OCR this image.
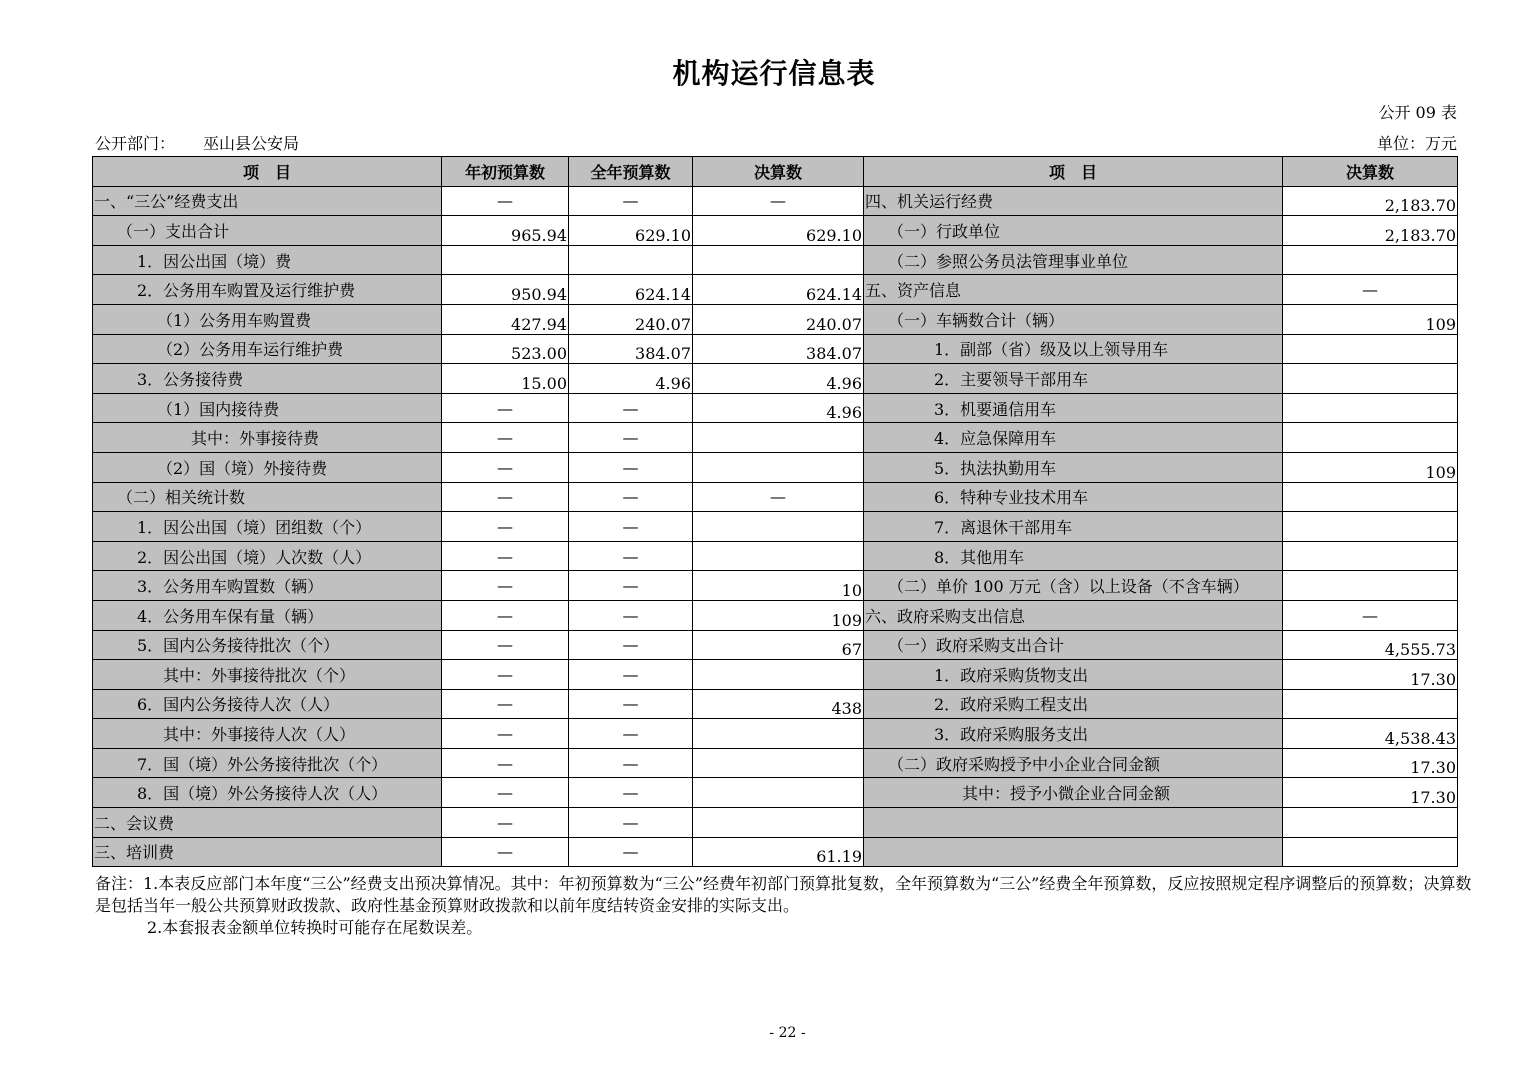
机构运行信息表
公开 09 表
公开部门： 巫山县公安局	单位：万元
项　目	年初预算数	全年预算数	决算数	项　目	决算数
一、“三公”经费支出	—	—	—	四、机关运行经费	2,183.70
（一）支出合计	965.94	629.10	629.10	（一）行政单位	2,183.70
1．因公出国（境）费				（二）参照公务员法管理事业单位	
2．公务用车购置及运行维护费	950.94	624.14	624.14	五、资产信息	—
（1）公务用车购置费	427.94	240.07	240.07	（一）车辆数合计（辆）	109
（2）公务用车运行维护费	523.00	384.07	384.07	1．副部（省）级及以上领导用车	
3．公务接待费	15.00	4.96	4.96	2．主要领导干部用车	
（1）国内接待费	—	—	4.96	3．机要通信用车	
其中：外事接待费	—	—		4．应急保障用车	
（2）国（境）外接待费	—	—		5．执法执勤用车	109
（二）相关统计数	—	—	—	6．特种专业技术用车	
1．因公出国（境）团组数（个）	—	—		7．离退休干部用车	
2．因公出国（境）人次数（人）	—	—		8．其他用车	
3．公务用车购置数（辆）	—	—	10	（二）单价 100 万元（含）以上设备（不含车辆）	
4．公务用车保有量（辆）	—	—	109	六、政府采购支出信息	—
5．国内公务接待批次（个）	—	—	67	（一）政府采购支出合计	4,555.73
其中：外事接待批次（个）	—	—		1．政府采购货物支出	17.30
6．国内公务接待人次（人）	—	—	438	2．政府采购工程支出	
其中：外事接待人次（人）	—	—		3．政府采购服务支出	4,538.43
7．国（境）外公务接待批次（个）	—	—		（二）政府采购授予中小企业合同金额	17.30
8．国（境）外公务接待人次（人）	—	—		其中：授予小微企业合同金额	17.30
二、会议费	—	—			
三、培训费	—	—	61.19		
备注：1.本表反应部门本年度“三公”经费支出预决算情况。其中：年初预算数为“三公”经费年初部门预算批复数，全年预算数为“三公”经费全年预算数，反应按照规定程序调整后的预算数；决算数是包括当年一般公共预算财政拨款、政府性基金预算财政拨款和以前年度结转资金安排的实际支出。
2.本套报表金额单位转换时可能存在尾数误差。
- 22 -
